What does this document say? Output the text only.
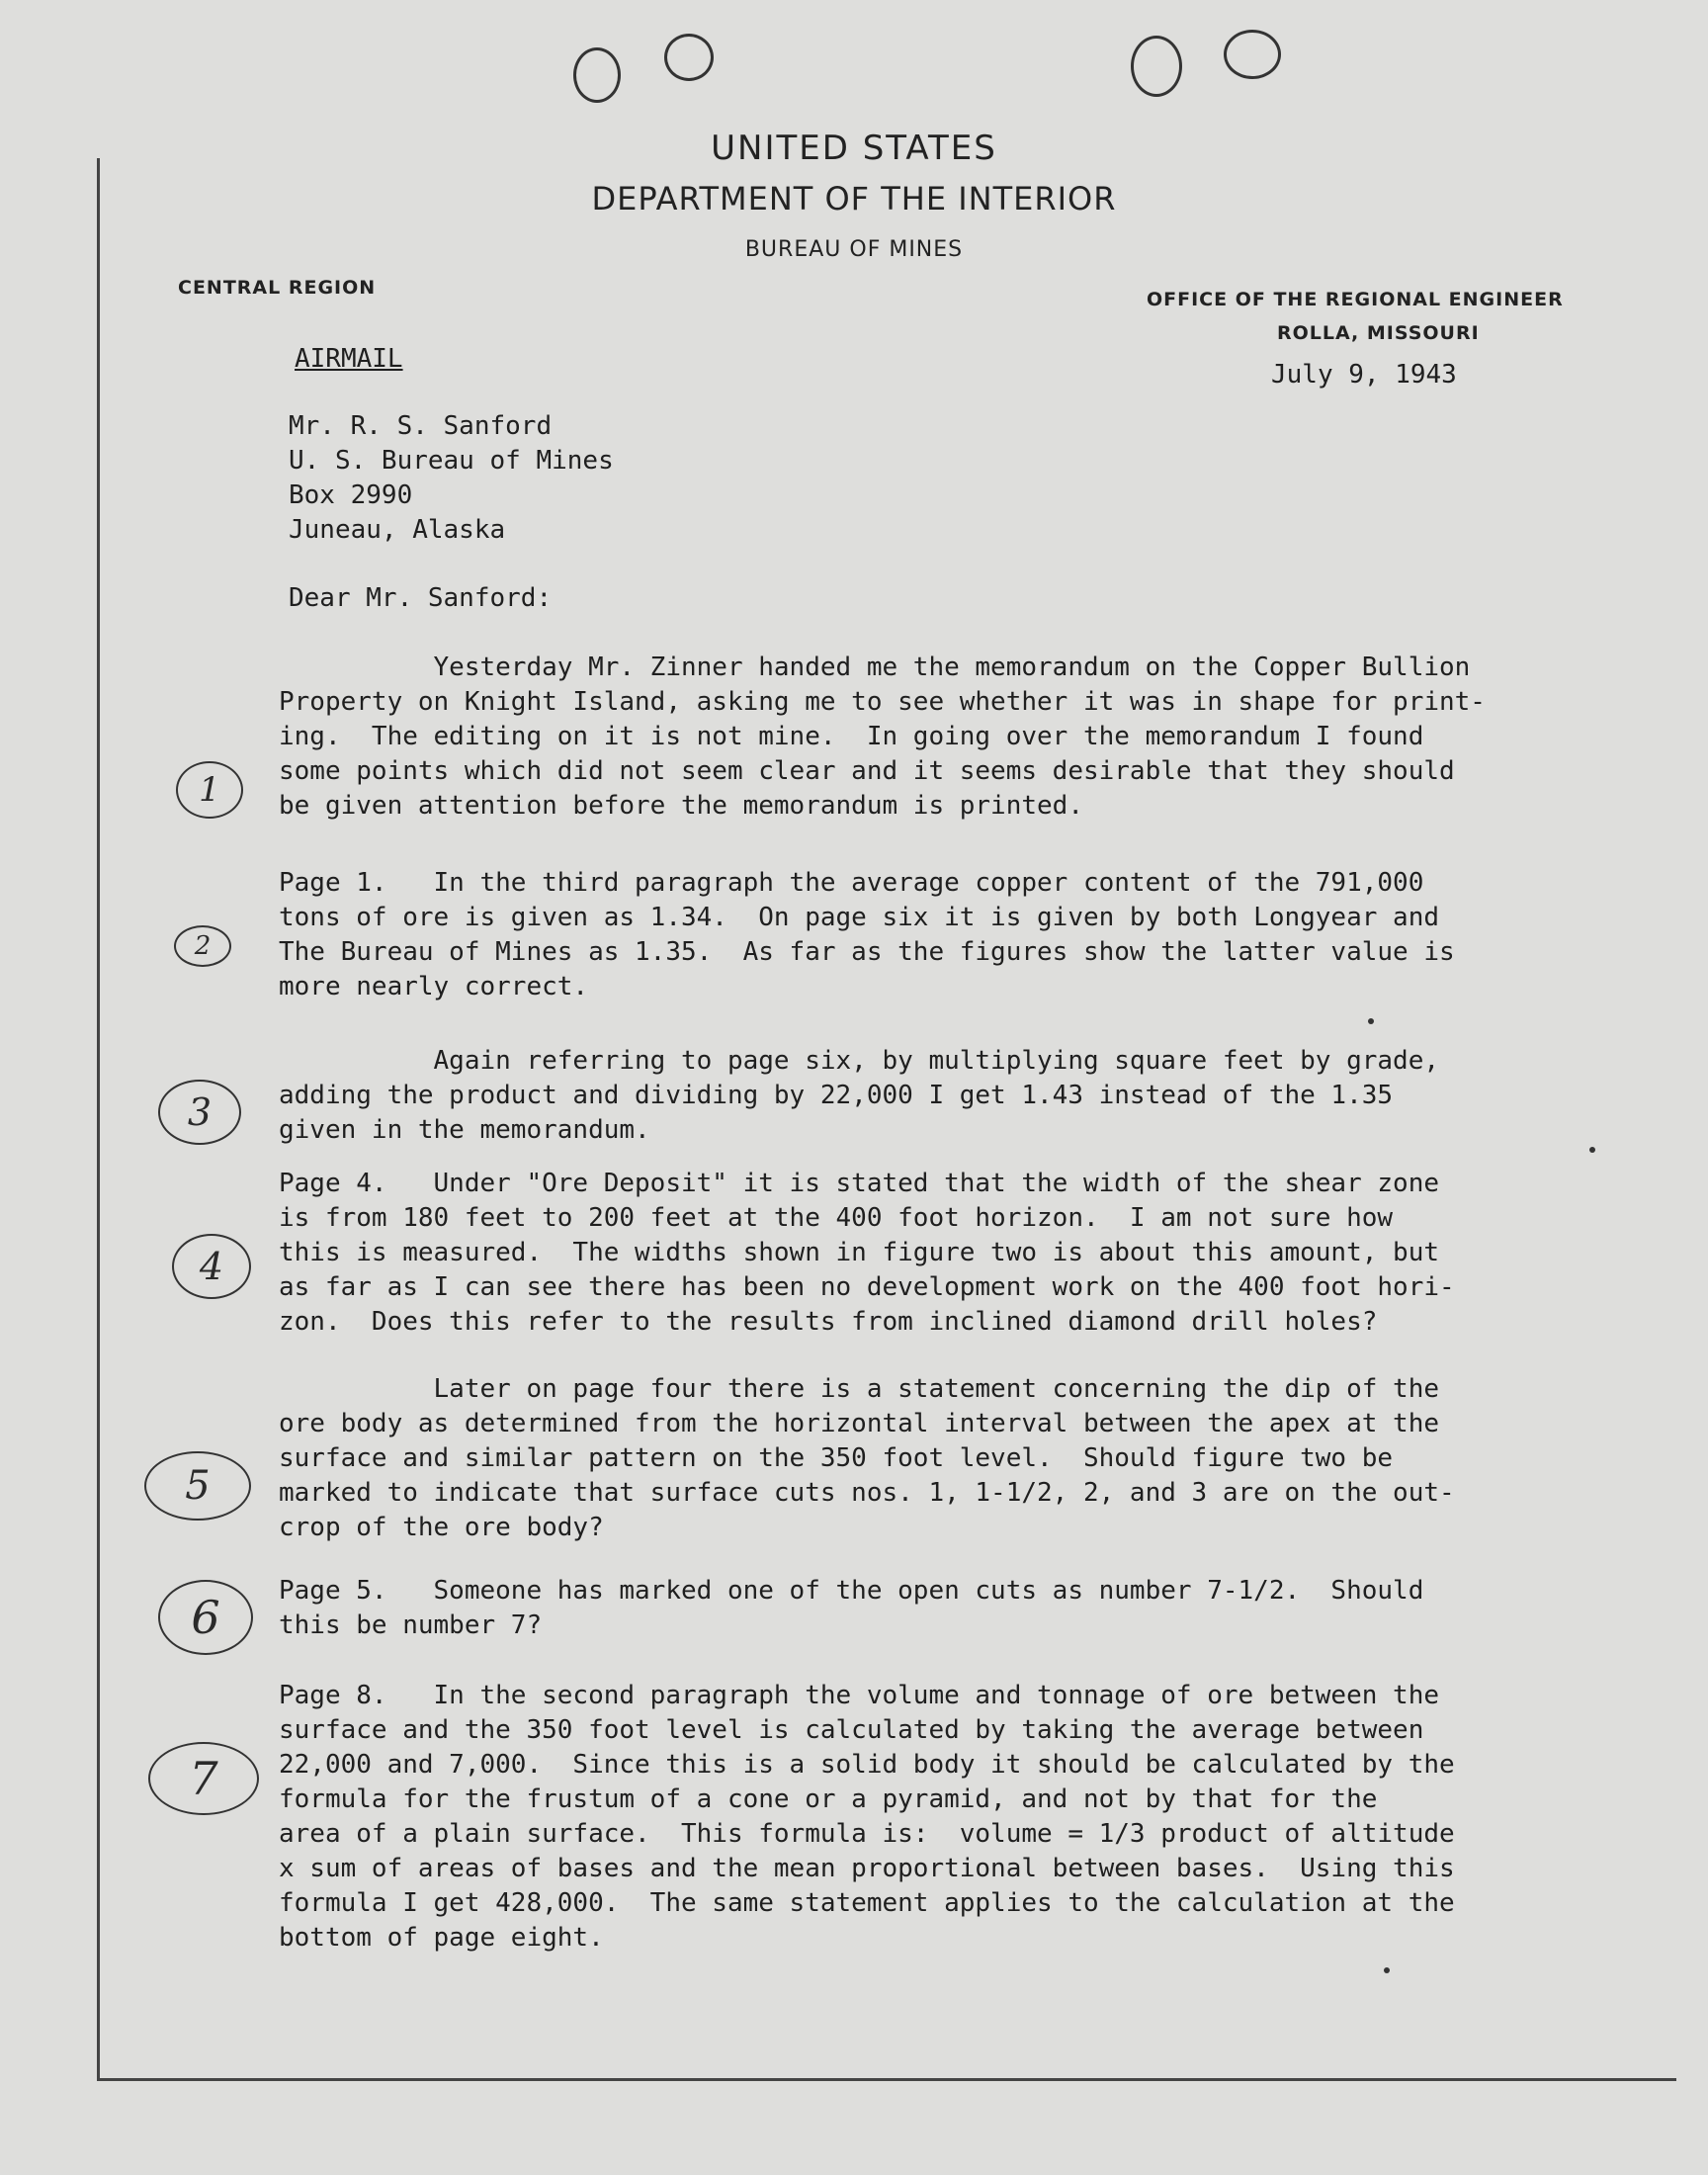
UNITED STATES
DEPARTMENT OF THE INTERIOR
BUREAU OF MINES
CENTRAL REGION
OFFICE OF THE REGIONAL ENGINEER
ROLLA, MISSOURI
AIRMAIL
July 9, 1943
Mr. R. S. Sanford
U. S. Bureau of Mines
Box 2990
Juneau, Alaska
Dear Mr. Sanford:
Yesterday Mr. Zinner handed me the memorandum on the Copper Bullion
Property on Knight Island, asking me to see whether it was in shape for print-
ing.  The editing on it is not mine.  In going over the memorandum I found
some points which did not seem clear and it seems desirable that they should
be given attention before the memorandum is printed.
Page 1.   In the third paragraph the average copper content of the 791,000
tons of ore is given as 1.34.  On page six it is given by both Longyear and
The Bureau of Mines as 1.35.  As far as the figures show the latter value is
more nearly correct.
Again referring to page six, by multiplying square feet by grade,
adding the product and dividing by 22,000 I get 1.43 instead of the 1.35
given in the memorandum.
Page 4.   Under "Ore Deposit" it is stated that the width of the shear zone
is from 180 feet to 200 feet at the 400 foot horizon.  I am not sure how
this is measured.  The widths shown in figure two is about this amount, but
as far as I can see there has been no development work on the 400 foot hori-
zon.  Does this refer to the results from inclined diamond drill holes?
Later on page four there is a statement concerning the dip of the
ore body as determined from the horizontal interval between the apex at the
surface and similar pattern on the 350 foot level.  Should figure two be
marked to indicate that surface cuts nos. 1, 1-1/2, 2, and 3 are on the out-
crop of the ore body?
Page 5.   Someone has marked one of the open cuts as number 7-1/2.  Should
this be number 7?
Page 8.   In the second paragraph the volume and tonnage of ore between the
surface and the 350 foot level is calculated by taking the average between
22,000 and 7,000.  Since this is a solid body it should be calculated by the
formula for the frustum of a cone or a pyramid, and not by that for the
area of a plain surface.  This formula is:  volume = 1/3 product of altitude
x sum of areas of bases and the mean proportional between bases.  Using this
formula I get 428,000.  The same statement applies to the calculation at the
bottom of page eight.
1
2
3
4
5
6
7
